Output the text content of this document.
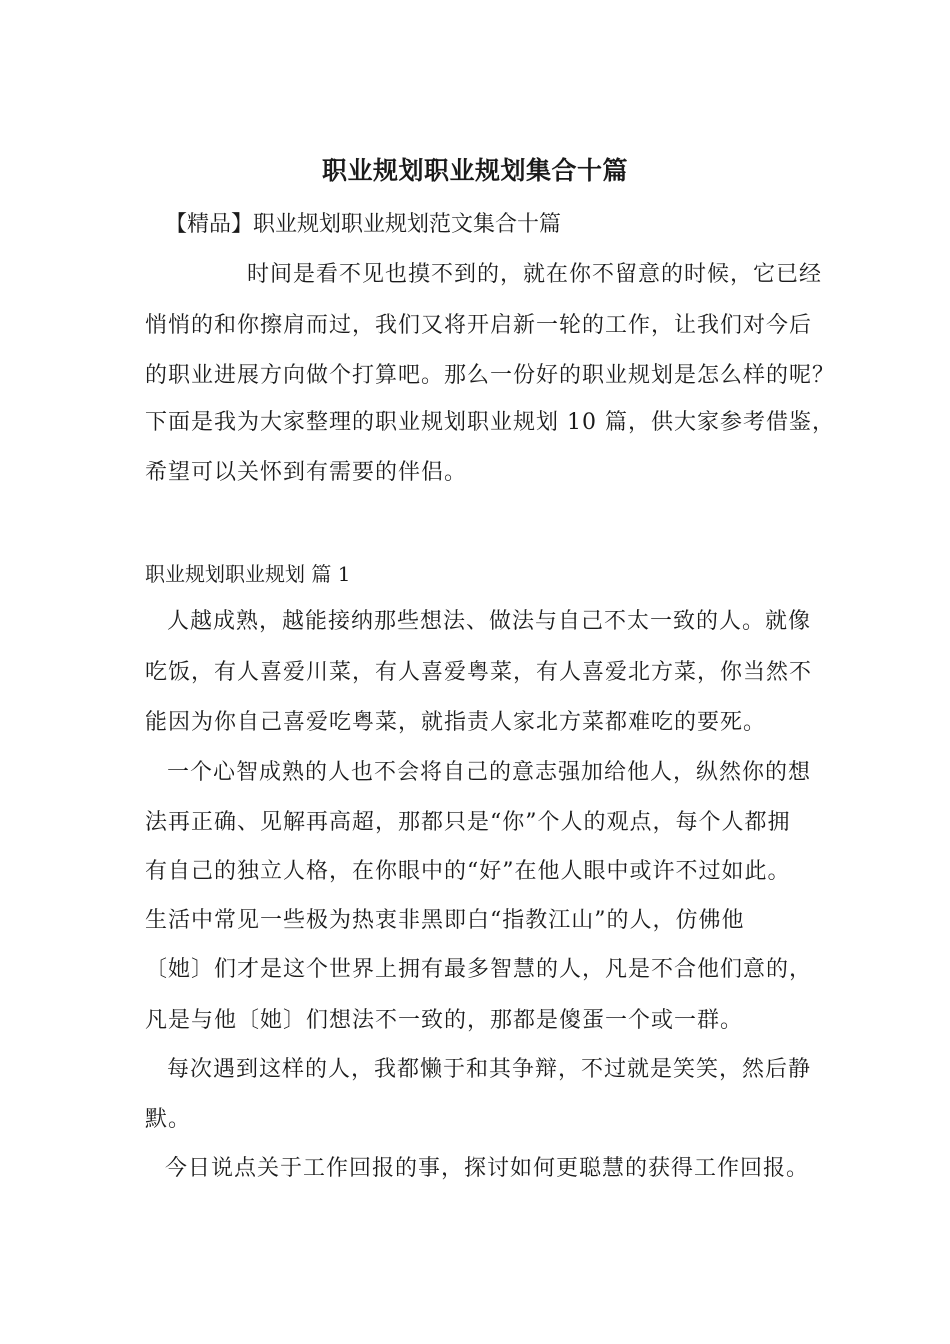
职业规划职业规划集合十篇
【精品】职业规划职业规划范文集合十篇
时间是看不见也摸不到的，就在你不留意的时候，它已经
悄悄的和你擦肩而过，我们又将开启新一轮的工作，让我们对今后
的职业进展方向做个打算吧。那么一份好的职业规划是怎么样的呢？
下面是我为大家整理的职业规划职业规划 10 篇，供大家参考借鉴，
希望可以关怀到有需要的伴侣。
职业规划职业规划 篇 1
人越成熟，越能接纳那些想法、做法与自己不太一致的人。就像
吃饭，有人喜爱川菜，有人喜爱粤菜，有人喜爱北方菜，你当然不
能因为你自己喜爱吃粤菜，就指责人家北方菜都难吃的要死。
一个心智成熟的人也不会将自己的意志强加给他人，纵然你的想
法再正确、见解再高超，那都只是“你”个人的观点，每个人都拥
有自己的独立人格，在你眼中的“好”在他人眼中或许不过如此。
生活中常见一些极为热衷非黑即白“指教江山”的人，仿佛他
〔她〕们才是这个世界上拥有最多智慧的人，凡是不合他们意的，
凡是与他〔她〕们想法不一致的，那都是傻蛋一个或一群。
每次遇到这样的人，我都懒于和其争辩，不过就是笑笑，然后静
默。
今日说点关于工作回报的事，探讨如何更聪慧的获得工作回报。
